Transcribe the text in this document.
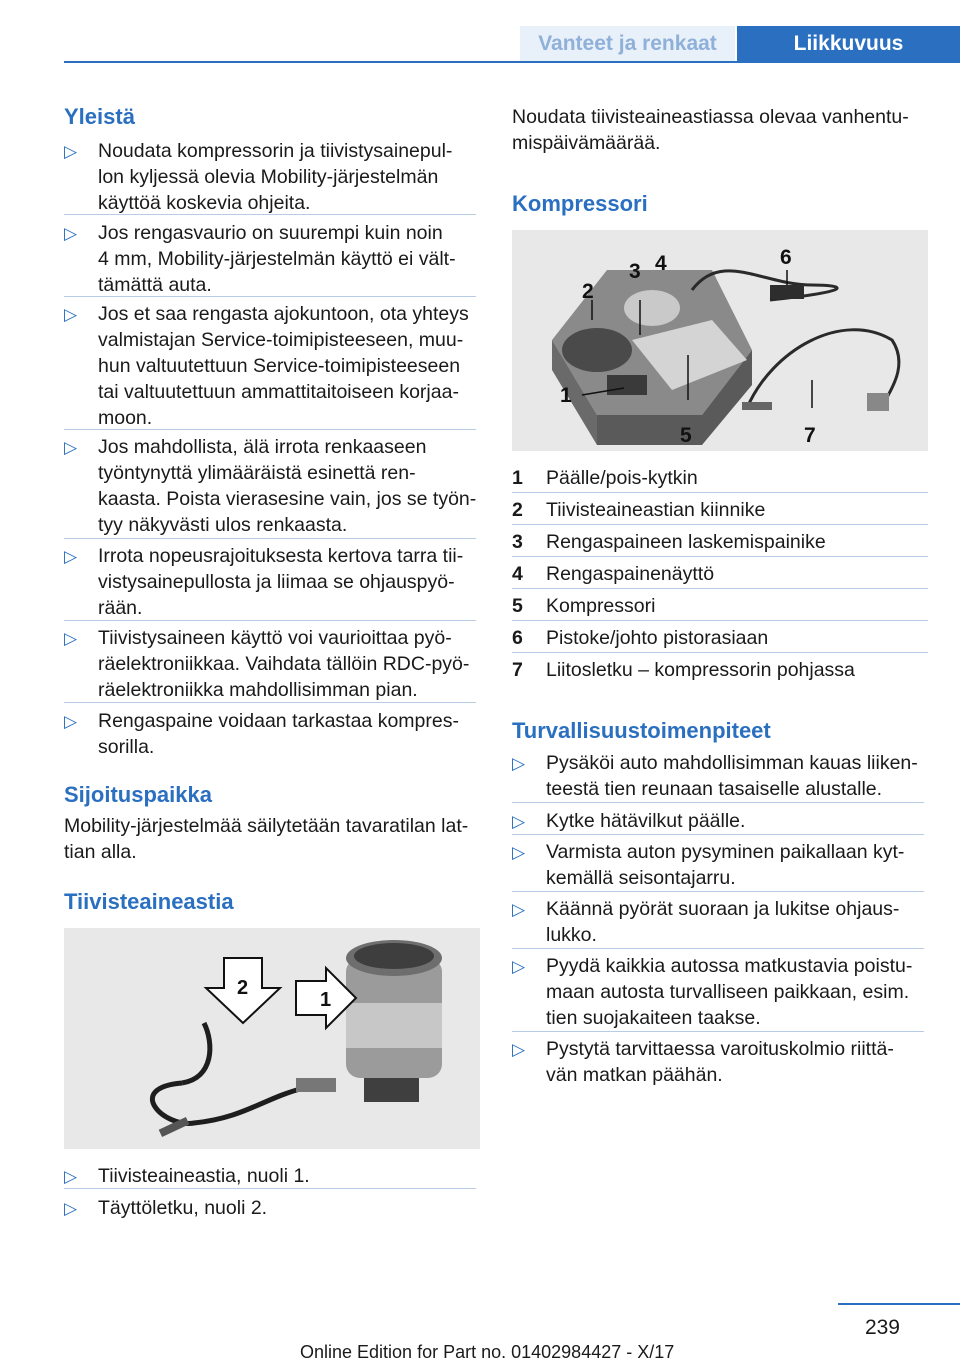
Vanteet ja renkaat	Liikkuvuus
Yleistä
▷ Noudata kompressorin ja tiivistysainepul-
lon kyljessä olevia Mobility-järjestelmän
käyttöä koskevia ohjeita.
▷ Jos rengasvaurio on suurempi kuin noin
4 mm, Mobility-järjestelmän käyttö ei vält-
tämättä auta.
▷ Jos et saa rengasta ajokuntoon, ota yhteys
valmistajan Service-toimipisteeseen, muu-
hun valtuutettuun Service-toimipisteeseen
tai valtuutettuun ammattitaitoiseen korjaa-
moon.
▷ Jos mahdollista, älä irrota renkaaseen
työntynyttä ylimääräistä esinettä ren-
kaasta. Poista vierasesine vain, jos se työn-
tyy näkyvästi ulos renkaasta.
▷ Irrota nopeusrajoituksesta kertova tarra tii-
vistysainepullosta ja liimaa se ohjauspyö-
rään.
▷ Tiivistysaineen käyttö voi vaurioittaa pyö-
räelektroniikkaa. Vaihdata tällöin RDC-pyö-
räelektroniikka mahdollisimman pian.
▷ Rengaspaine voidaan tarkastaa kompres-
sorilla.
Sijoituspaikka
Mobility-järjestelmää säilytetään tavaratilan lat-
tian alla.
Tiivisteaineastia
2
1
▷ Tiivisteaineastia, nuoli 1.
▷ Täyttöletku, nuoli 2.
Noudata tiivisteaineastiassa olevaa vanhentu-
mispäivämäärää.
Kompressori
1
2
3 4
5
6
7
1 Päälle/pois-kytkin
2 Tiivisteaineastian kiinnike
3 Rengaspaineen laskemispainike
4 Rengaspainenäyttö
5 Kompressori
6 Pistoke/johto pistorasiaan
7 Liitosletku – kompressorin pohjassa
Turvallisuustoimenpiteet
▷ Pysäköi auto mahdollisimman kauas liiken-
teestä tien reunaan tasaiselle alustalle.
▷ Kytke hätävilkut päälle.
▷ Varmista auton pysyminen paikallaan kyt-
kemällä seisontajarru.
▷ Käännä pyörät suoraan ja lukitse ohjaus-
lukko.
▷ Pyydä kaikkia autossa matkustavia poistu-
maan autosta turvalliseen paikkaan, esim.
tien suojakaiteen taakse.
▷ Pystytä tarvittaessa varoituskolmio riittä-
vän matkan päähän.
239
Online Edition for Part no. 01402984427 - X/17
